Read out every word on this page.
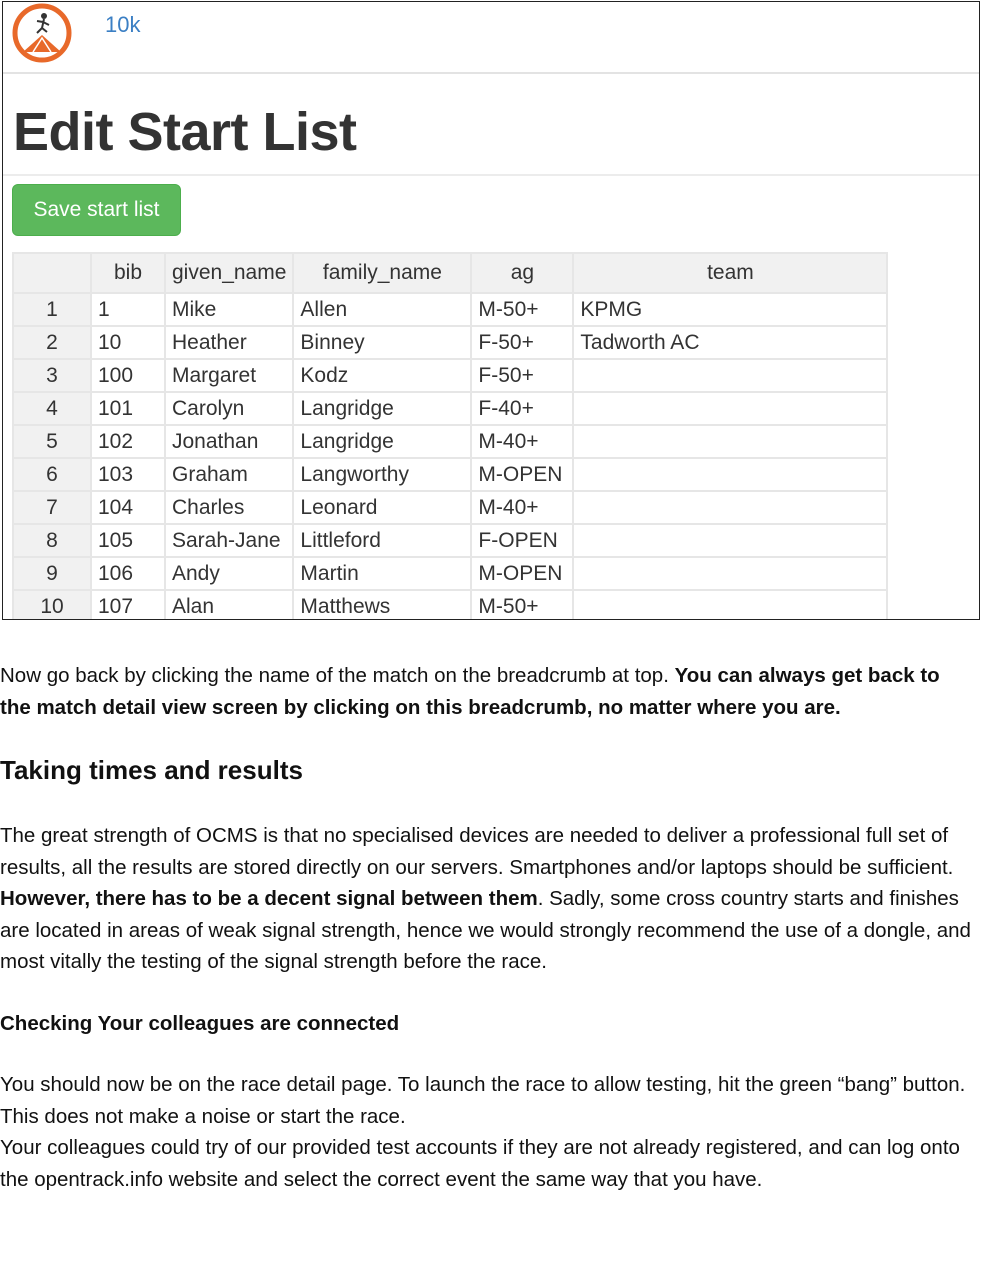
10k
Edit Start List
Save start list
	bib	given_name	family_name	ag	team
1	1	Mike	Allen	M-50+	KPMG
2	10	Heather	Binney	F-50+	Tadworth AC
3	100	Margaret	Kodz	F-50+	
4	101	Carolyn	Langridge	F-40+	
5	102	Jonathan	Langridge	M-40+	
6	103	Graham	Langworthy	M-OPEN	
7	104	Charles	Leonard	M-40+	
8	105	Sarah-Jane	Littleford	F-OPEN	
9	106	Andy	Martin	M-OPEN	
10	107	Alan	Matthews	M-50+	

Now go back by clicking the name of the match on the breadcrumb at top. You can always get back to the match detail view screen by clicking on this breadcrumb, no matter where you are.

Taking times and results

The great strength of OCMS is that no specialised devices are needed to deliver a professional full set of results, all the results are stored directly on our servers. Smartphones and/or laptops should be sufficient. However, there has to be a decent signal between them. Sadly, some cross country starts and finishes are located in areas of weak signal strength, hence we would strongly recommend the use of a dongle, and most vitally the testing of the signal strength before the race.

Checking Your colleagues are connected

You should now be on the race detail page. To launch the race to allow testing, hit the green “bang” button. This does not make a noise or start the race.

Your colleagues could try of our provided test accounts if they are not already registered, and can log onto the opentrack.info website and select the correct event the same way that you have.
